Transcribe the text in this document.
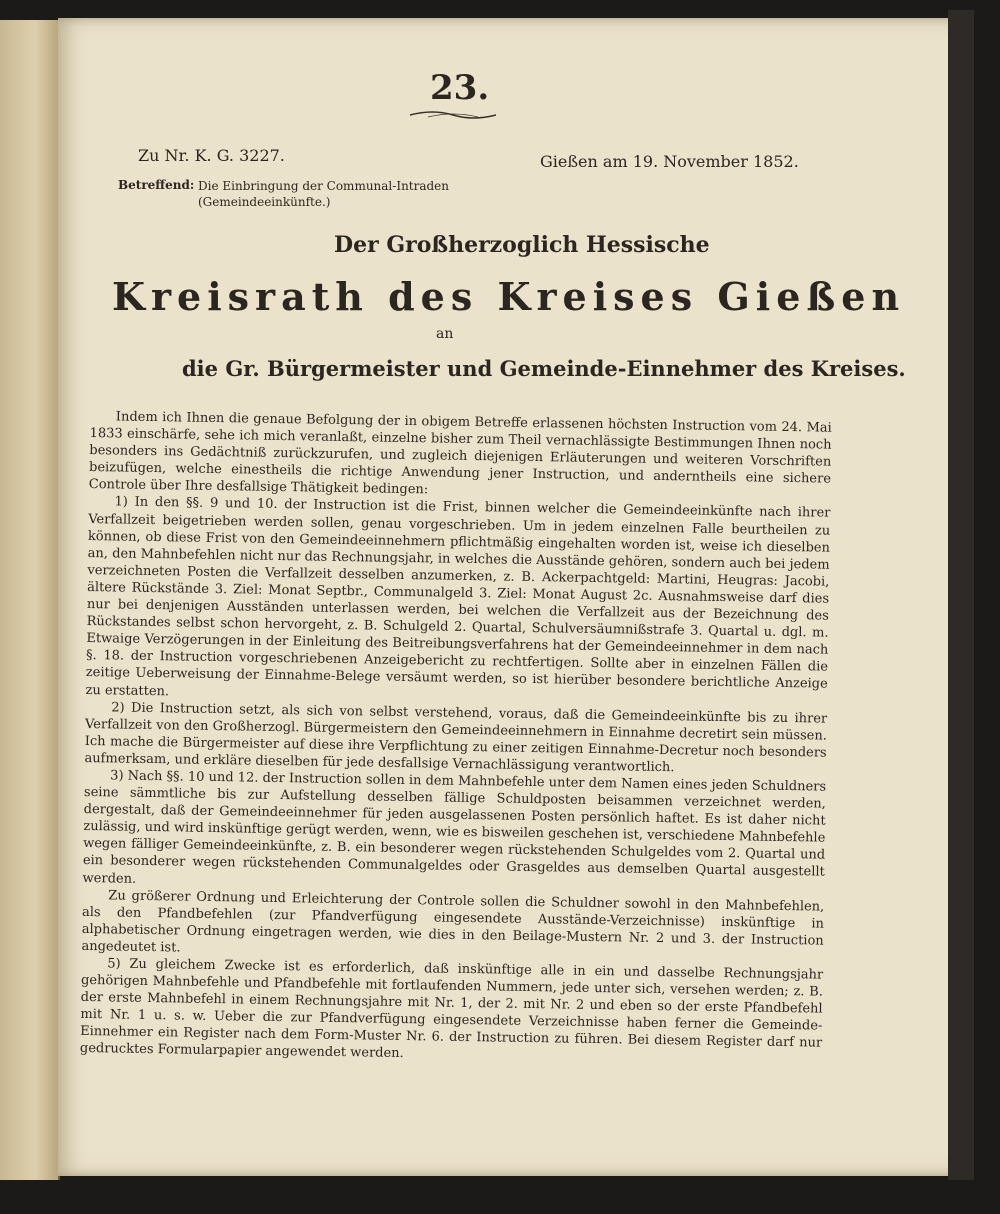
23.
Zu Nr. K. G. 3227.	Gießen am 19. November 1852.
Betreffend: Die Einbringung der Communal-Intraden
(Gemeindeeinkünfte.)
Der Großherzoglich Hessische
Kreisrath des Kreises Gießen
an
die Gr. Bürgermeister und Gemeinde-Einnehmer des Kreises.

Indem ich Ihnen die genaue Befolgung der in obigem Betreffe erlassenen höchsten Instruction vom 24. Mai 1833 einschärfe, sehe ich mich veranlaßt, einzelne bisher zum Theil vernachlässigte Bestimmungen Ihnen noch besonders ins Gedächtniß zurückzurufen, und zugleich diejenigen Erläuterungen und weiteren Vorschriften beizufügen, welche einestheils die richtige Anwendung jener Instruction, und anderntheils eine sichere Controle über Ihre desfallsige Thätigkeit bedingen:

1) In den §§. 9 und 10. der Instruction ist die Frist, binnen welcher die Gemeindeeinkünfte nach ihrer Verfallzeit beigetrieben werden sollen, genau vorgeschrieben. Um in jedem einzelnen Falle beurtheilen zu können, ob diese Frist von den Gemeindeeinnehmern pflichtmäßig eingehalten worden ist, weise ich dieselben an, den Mahnbefehlen nicht nur das Rechnungsjahr, in welches die Ausstände gehören, sondern auch bei jedem verzeichneten Posten die Verfallzeit desselben anzumerken, z. B. Ackerpachtgeld: Martini, Heugras: Jacobi, ältere Rückstände 3. Ziel: Monat Septbr., Communalgeld 3. Ziel: Monat August 2c. Ausnahmsweise darf dies nur bei denjenigen Ausständen unterlassen werden, bei welchen die Verfallzeit aus der Bezeichnung des Rückstandes selbst schon hervorgeht, z. B. Schulgeld 2. Quartal, Schulversäumnißstrafe 3. Quartal u. dgl. m. Etwaige Verzögerungen in der Einleitung des Beitreibungsverfahrens hat der Gemeindeeinnehmer in dem nach §. 18. der Instruction vorgeschriebenen Anzeigebericht zu rechtfertigen. Sollte aber in einzelnen Fällen die zeitige Ueberweisung der Einnahme-Belege versäumt werden, so ist hierüber besondere berichtliche Anzeige zu erstatten.

2) Die Instruction setzt, als sich von selbst verstehend, voraus, daß die Gemeindeeinkünfte bis zu ihrer Verfallzeit von den Großherzogl. Bürgermeistern den Gemeindeeinnehmern in Einnahme decretirt sein müssen. Ich mache die Bürgermeister auf diese ihre Verpflichtung zu einer zeitigen Einnahme-Decretur noch besonders aufmerksam, und erkläre dieselben für jede desfallsige Vernachlässigung verantwortlich.

3) Nach §§. 10 und 12. der Instruction sollen in dem Mahnbefehle unter dem Namen eines jeden Schuldners seine sämmtliche bis zur Aufstellung desselben fällige Schuldposten beisammen verzeichnet werden, dergestalt, daß der Gemeindeeinnehmer für jeden ausgelassenen Posten persönlich haftet. Es ist daher nicht zulässig, und wird inskünftige gerügt werden, wenn, wie es bisweilen geschehen ist, verschiedene Mahnbefehle wegen fälliger Gemeindeeinkünfte, z. B. ein besonderer wegen rückstehenden Schulgeldes vom 2. Quartal und ein besonderer wegen rückstehenden Communalgeldes oder Grasgeldes aus demselben Quartal ausgestellt werden.

Zu größerer Ordnung und Erleichterung der Controle sollen die Schuldner sowohl in den Mahnbefehlen, als den Pfandbefehlen (zur Pfandverfügung eingesendete Ausstände-Verzeichnisse) inskünftige in alphabetischer Ordnung eingetragen werden, wie dies in den Beilage-Mustern Nr. 2 und 3. der Instruction angedeutet ist.

5) Zu gleichem Zwecke ist es erforderlich, daß inskünftige alle in ein und dasselbe Rechnungsjahr gehörigen Mahnbefehle und Pfandbefehle mit fortlaufenden Nummern, jede unter sich, versehen werden; z. B. der erste Mahnbefehl in einem Rechnungsjahre mit Nr. 1, der 2. mit Nr. 2 und eben so der erste Pfandbefehl mit Nr. 1 u. s. w. Ueber die zur Pfandverfügung eingesendete Verzeichnisse haben ferner die Gemeinde-Einnehmer ein Register nach dem Form-Muster Nr. 6. der Instruction zu führen. Bei diesem Register darf nur gedrucktes Formularpapier angewendet werden.
